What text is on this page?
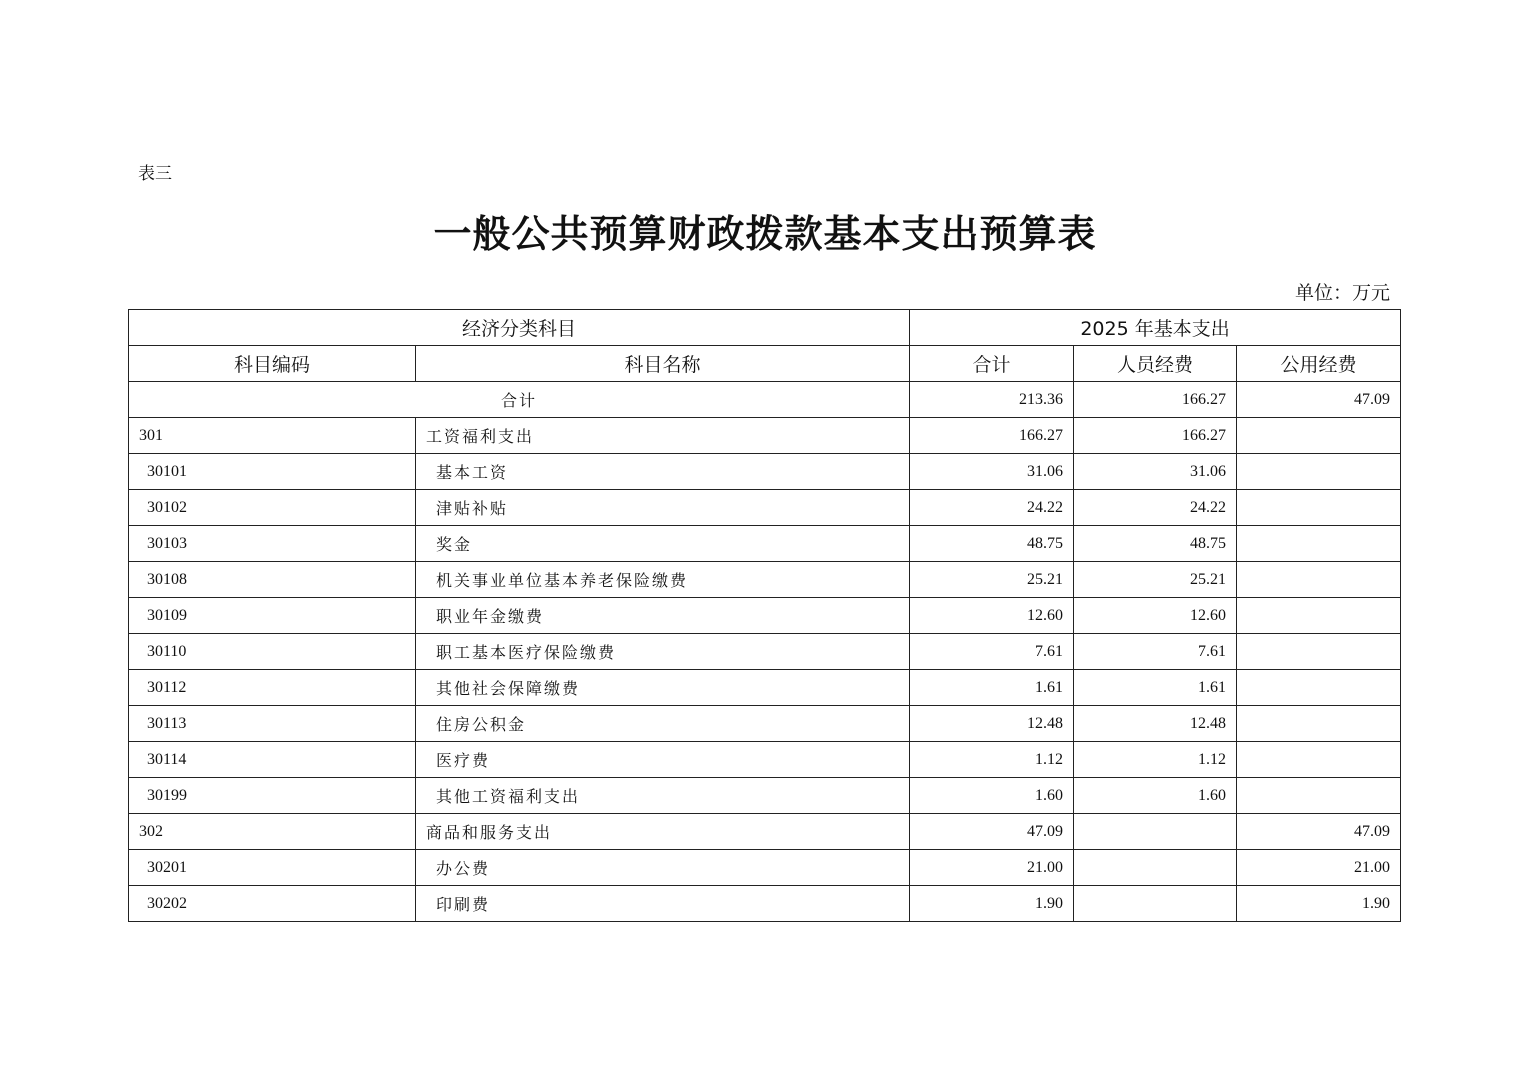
表三
一般公共预算财政拨款基本支出预算表
单位：万元
经济分类科目		2025 年基本支出		
科目编码	科目名称	合计	人员经费	公用经费
合计		213.36	166.27	47.09
301	工资福利支出	166.27	166.27	
30101	基本工资	31.06	31.06	
30102	津贴补贴	24.22	24.22	
30103	奖金	48.75	48.75	
30108	机关事业单位基本养老保险缴费	25.21	25.21	
30109	职业年金缴费	12.60	12.60	
30110	职工基本医疗保险缴费	7.61	7.61	
30112	其他社会保障缴费	1.61	1.61	
30113	住房公积金	12.48	12.48	
30114	医疗费	1.12	1.12	
30199	其他工资福利支出	1.60	1.60	
302	商品和服务支出	47.09		47.09
30201	办公费	21.00		21.00
30202	印刷费	1.90		1.90
